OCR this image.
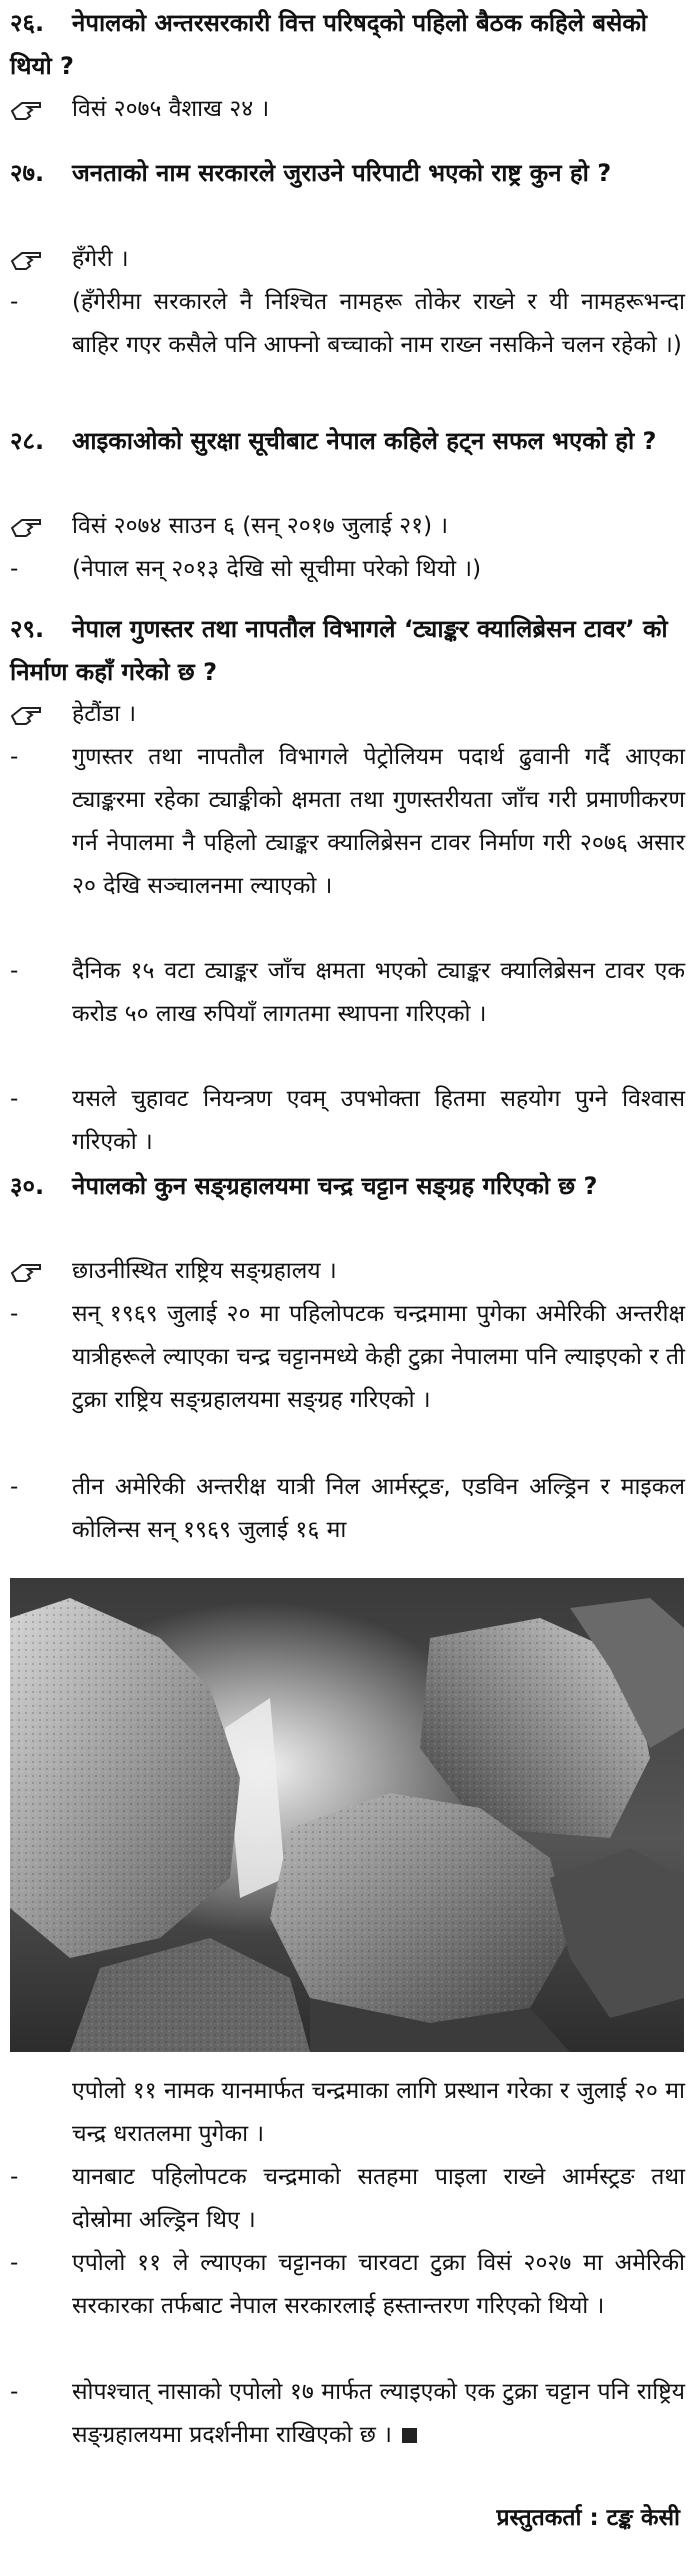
२६. नेपालको अन्तरसरकारी वित्त परिषद्को पहिलो बैठक कहिले बसेको थियो ?
विसं २०७५ वैशाख २४ ।
२७. जनताको नाम सरकारले जुराउने परिपाटी भएको राष्ट्र कुन हो ?
हँगेरी ।
-	(हँगेरीमा सरकारले नै निश्चित नामहरू तोकेर राख्ने र यी नामहरूभन्दा बाहिर गएर कसैले पनि आफ्नो बच्चाको नाम राख्न नसकिने चलन रहेको ।)
२८. आइकाओको सुरक्षा सूचीबाट नेपाल कहिले हट्न सफल भएको हो ?
विसं २०७४ साउन ६ (सन् २०१७ जुलाई २१) ।
-	(नेपाल सन् २०१३ देखि सो सूचीमा परेको थियो ।)
२९. नेपाल गुणस्तर तथा नापतौल विभागले ‘ट्याङ्कर क्यालिब्रेसन टावर’ को निर्माण कहाँ गरेको छ ?
हेटौंडा ।
-	गुणस्तर तथा नापतौल विभागले पेट्रोलियम पदार्थ ढुवानी गर्दै आएका ट्याङ्करमा रहेका ट्याङ्कीको क्षमता तथा गुणस्तरीयता जाँच गरी प्रमाणीकरण गर्न नेपालमा नै पहिलो ट्याङ्कर क्यालिब्रेसन टावर निर्माण गरी २०७६ असार २० देखि सञ्चालनमा ल्याएको ।
-	दैनिक १५ वटा ट्याङ्कर जाँच क्षमता भएको ट्याङ्कर क्यालिब्रेसन टावर एक करोड ५० लाख रुपियाँ लागतमा स्थापना गरिएको ।
-	यसले चुहावट नियन्त्रण एवम् उपभोक्ता हितमा सहयोग पुग्ने विश्वास गरिएको ।
३०. नेपालको कुन सङ्ग्रहालयमा चन्द्र चट्टान सङ्ग्रह गरिएको छ ?
छाउनीस्थित राष्ट्रिय सङ्ग्रहालय ।
-	सन् १९६९ जुलाई २० मा पहिलोपटक चन्द्रमामा पुगेका अमेरिकी अन्तरीक्ष यात्रीहरूले ल्याएका चन्द्र चट्टानमध्ये केही टुक्रा नेपालमा पनि ल्याइएको र ती टुक्रा राष्ट्रिय सङ्ग्रहालयमा सङ्ग्रह गरिएको ।
-	तीन अमेरिकी अन्तरीक्ष यात्री निल आर्मस्ट्रङ, एडविन अल्ड्रिन र माइकल कोलिन्स सन् १९६९ जुलाई १६ मा
एपोलो ११ नामक यानमार्फत चन्द्रमाका लागि प्रस्थान गरेका र जुलाई २० मा चन्द्र धरातलमा पुगेका ।
-	यानबाट पहिलोपटक चन्द्रमाको सतहमा पाइला राख्ने आर्मस्ट्रङ तथा दोस्रोमा अल्ड्रिन थिए ।
-	एपोलो ११ ले ल्याएका चट्टानका चारवटा टुक्रा विसं २०२७ मा अमेरिकी सरकारका तर्फबाट नेपाल सरकारलाई हस्तान्तरण गरिएको थियो ।
-	सोपश्चात् नासाको एपोलो १७ मार्फत ल्याइएको एक टुक्रा चट्टान पनि राष्ट्रिय सङ्ग्रहालयमा प्रदर्शनीमा राखिएको छ ।
प्रस्तुतकर्ता : टङ्क केसी
